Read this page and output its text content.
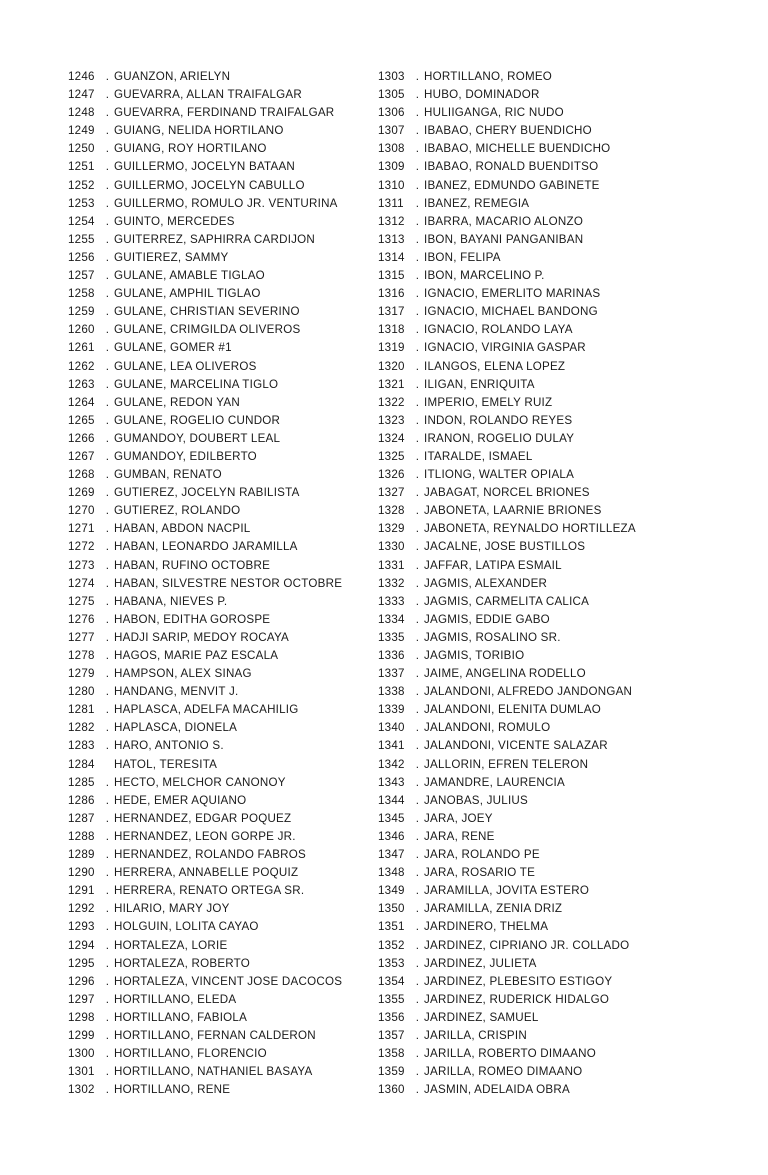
1246 . GUANZON, ARIELYN
1247 . GUEVARRA, ALLAN TRAIFALGAR
1248 . GUEVARRA, FERDINAND TRAIFALGAR
1249 . GUIANG, NELIDA HORTILANO
1250 . GUIANG, ROY HORTILANO
1251 . GUILLERMO, JOCELYN BATAAN
1252 . GUILLERMO, JOCELYN CABULLO
1253 . GUILLERMO, ROMULO JR. VENTURINA
1254 . GUINTO, MERCEDES
1255 . GUITERREZ, SAPHIRRA CARDIJON
1256 . GUITIEREZ, SAMMY
1257 . GULANE, AMABLE TIGLAO
1258 . GULANE, AMPHIL TIGLAO
1259 . GULANE, CHRISTIAN SEVERINO
1260 . GULANE, CRIMGILDA OLIVEROS
1261 . GULANE, GOMER #1
1262 . GULANE, LEA OLIVEROS
1263 . GULANE, MARCELINA TIGLO
1264 . GULANE, REDON YAN
1265 . GULANE, ROGELIO CUNDOR
1266 . GUMANDOY, DOUBERT LEAL
1267 . GUMANDOY, EDILBERTO
1268 . GUMBAN, RENATO
1269 . GUTIEREZ, JOCELYN RABILISTA
1270 . GUTIEREZ, ROLANDO
1271 . HABAN, ABDON NACPIL
1272 . HABAN, LEONARDO JARAMILLA
1273 . HABAN, RUFINO OCTOBRE
1274 . HABAN, SILVESTRE NESTOR OCTOBRE
1275 . HABANA, NIEVES P.
1276 . HABON, EDITHA GOROSPE
1277 . HADJI SARIP, MEDOY ROCAYA
1278 . HAGOS, MARIE PAZ ESCALA
1279 . HAMPSON, ALEX SINAG
1280 . HANDANG, MENVIT J.
1281 . HAPLASCA, ADELFA MACAHILIG
1282 . HAPLASCA, DIONELA
1283 . HARO, ANTONIO S.
1284	HATOL, TERESITA
1285 . HECTO, MELCHOR CANONOY
1286 . HEDE, EMER AQUIANO
1287 . HERNANDEZ, EDGAR POQUEZ
1288 . HERNANDEZ, LEON GORPE JR.
1289 . HERNANDEZ, ROLANDO FABROS
1290 . HERRERA, ANNABELLE POQUIZ
1291 . HERRERA, RENATO ORTEGA SR.
1292 . HILARIO, MARY JOY
1293 . HOLGUIN, LOLITA CAYAO
1294 . HORTALEZA, LORIE
1295 . HORTALEZA, ROBERTO
1296 . HORTALEZA, VINCENT JOSE DACOCOS
1297 . HORTILLANO, ELEDA
1298 . HORTILLANO, FABIOLA
1299 . HORTILLANO, FERNAN CALDERON
1300 . HORTILLANO, FLORENCIO
1301 . HORTILLANO, NATHANIEL BASAYA
1302 . HORTILLANO, RENE
1303 . HORTILLANO, ROMEO
1305 . HUBO, DOMINADOR
1306 . HULIIGANGA, RIC NUDO
1307 . IBABAO, CHERY BUENDICHO
1308 . IBABAO, MICHELLE BUENDICHO
1309 . IBABAO, RONALD BUENDITSO
1310 . IBANEZ, EDMUNDO GABINETE
1311	. IBANEZ, REMEGIA
1312 . IBARRA, MACARIO ALONZO
1313 . IBON, BAYANI PANGANIBAN
1314 . IBON, FELIPA
1315 . IBON, MARCELINO P.
1316 . IGNACIO, EMERLITO MARINAS
1317 . IGNACIO, MICHAEL BANDONG
1318 . IGNACIO, ROLANDO LAYA
1319 . IGNACIO, VIRGINIA GASPAR
1320 . ILANGOS, ELENA LOPEZ
1321 . ILIGAN, ENRIQUITA
1322 . IMPERIO, EMELY RUIZ
1323 . INDON, ROLANDO REYES
1324 . IRANON, ROGELIO DULAY
1325 . ITARALDE, ISMAEL
1326 . ITLIONG, WALTER OPIALA
1327 . JABAGAT, NORCEL BRIONES
1328 . JABONETA, LAARNIE BRIONES
1329 . JABONETA, REYNALDO HORTILLEZA
1330 . JACALNE, JOSE BUSTILLOS
1331 . JAFFAR, LATIPA ESMAIL
1332 . JAGMIS, ALEXANDER
1333 . JAGMIS, CARMELITA CALICA
1334 . JAGMIS, EDDIE GABO
1335 . JAGMIS, ROSALINO SR.
1336 . JAGMIS, TORIBIO
1337 . JAIME, ANGELINA RODELLO
1338 . JALANDONI, ALFREDO JANDONGAN
1339 . JALANDONI, ELENITA DUMLAO
1340 . JALANDONI, ROMULO
1341 . JALANDONI, VICENTE SALAZAR
1342 . JALLORIN, EFREN TELERON
1343 . JAMANDRE, LAURENCIA
1344 . JANOBAS, JULIUS
1345 . JARA, JOEY
1346 . JARA, RENE
1347 . JARA, ROLANDO PE
1348 . JARA, ROSARIO TE
1349 . JARAMILLA, JOVITA ESTERO
1350 . JARAMILLA, ZENIA DRIZ
1351 . JARDINERO, THELMA
1352 . JARDINEZ, CIPRIANO JR. COLLADO
1353 . JARDINEZ, JULIETA
1354 . JARDINEZ, PLEBESITO ESTIGOY
1355 . JARDINEZ, RUDERICK HIDALGO
1356 . JARDINEZ, SAMUEL
1357 . JARILLA, CRISPIN
1358 . JARILLA, ROBERTO DIMAANO
1359 . JARILLA, ROMEO DIMAANO
1360 . JASMIN, ADELAIDA OBRA
